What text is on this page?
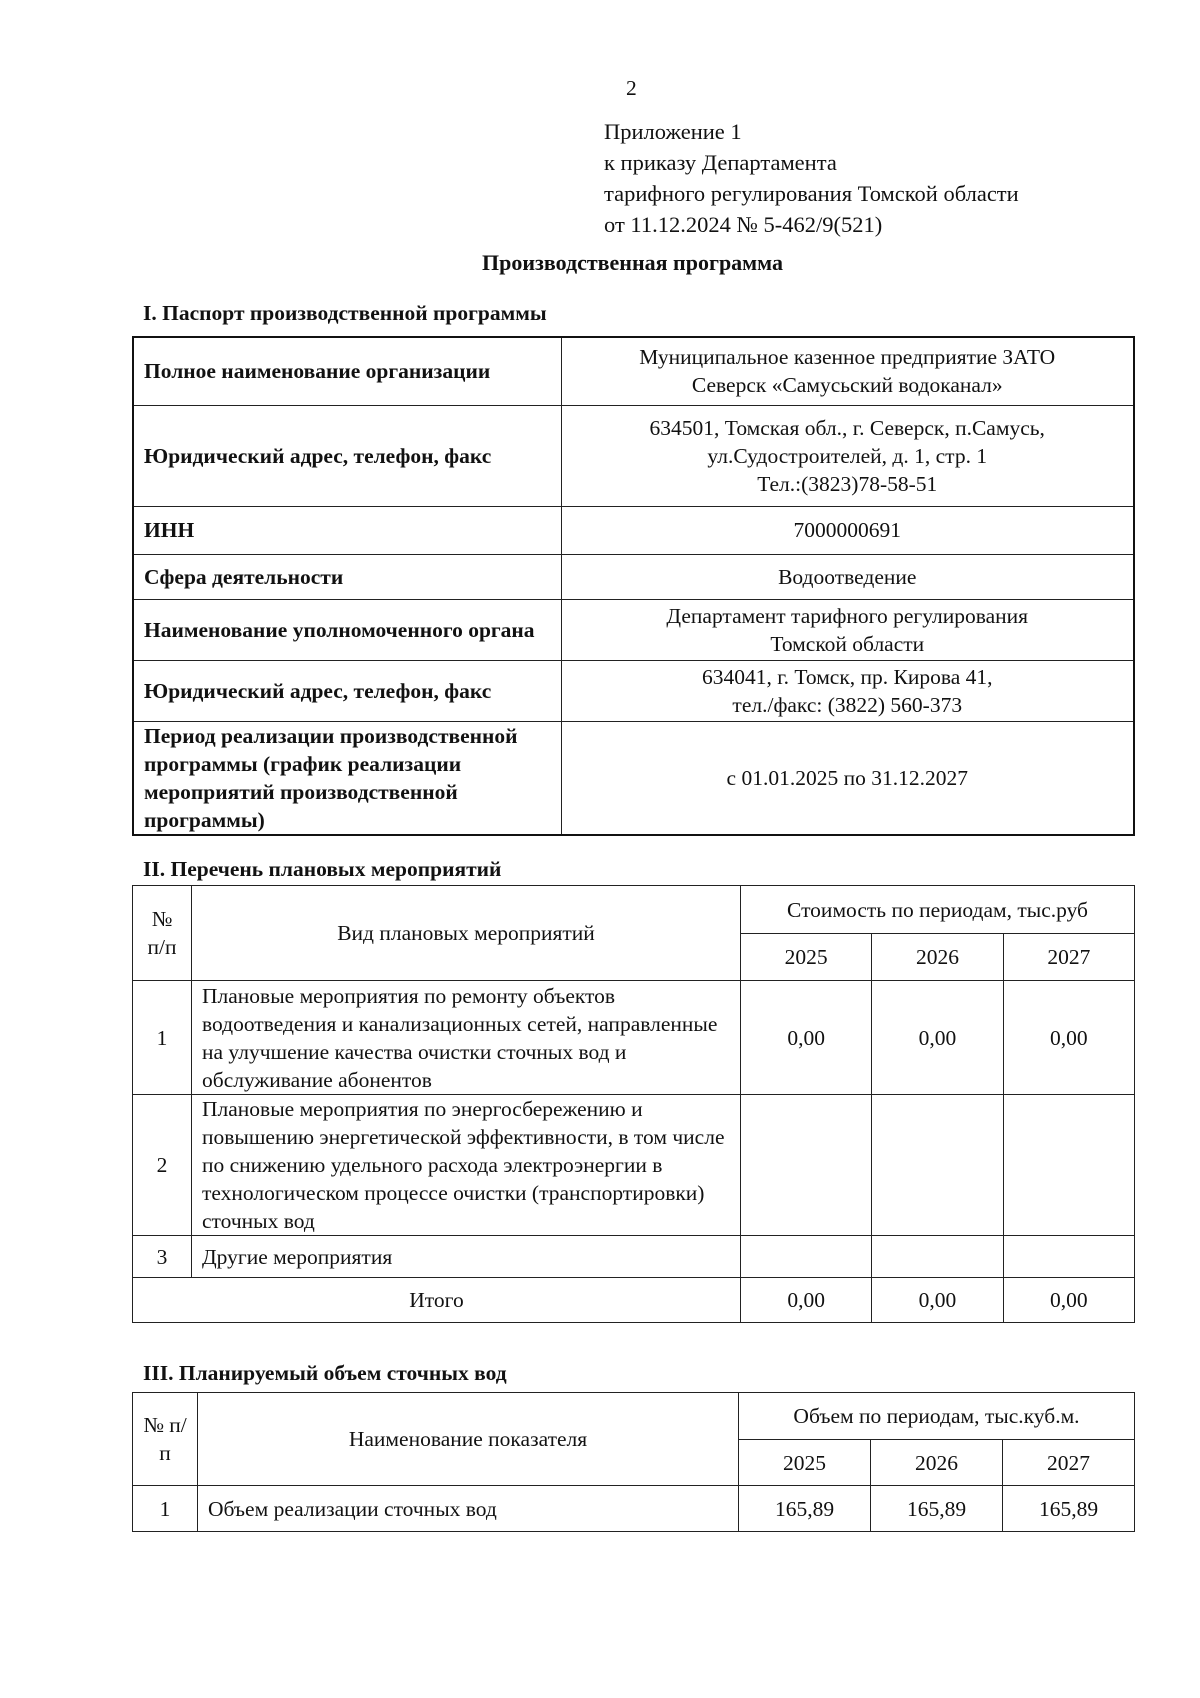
2
Приложение 1
к приказу Департамента
тарифного регулирования Томской области
от 11.12.2024 № 5-462/9(521)
Производственная программа
I. Паспорт производственной программы
Полное наименование организации	Муниципальное казенное предприятие ЗАТО
Северск «Самусьский водоканал»

Юридический адрес, телефон, факс	634501, Томская обл., г. Северск, п.Самусь,
ул.Судостроителей, д. 1, стр. 1
Тел.:(3823)78-58-51

ИНН	7000000691
Сфера деятельности	Водоотведение
Наименование уполномоченного органа	Департамент тарифного регулирования
Томской области

Юридический адрес, телефон, факс	634041, г. Томск, пр. Кирова 41,
тел./факс: (3822) 560-373

Период реализации производственной программы (график реализации мероприятий производственной программы)	с 01.01.2025 по 31.12.2027
II. Перечень плановых мероприятий
№ п/п	Вид плановых мероприятий	Стоимость по периодам, тыс.руб		
		2025	2026	2027
1	Плановые мероприятия по ремонту объектов водоотведения и канализационных сетей, направленные на улучшение качества очистки сточных вод и обслуживание абонентов	0,00	0,00	0,00
2	Плановые мероприятия по энергосбережению и повышению энергетической эффективности, в том числе по снижению удельного расхода электроэнергии в технологическом процессе очистки (транспортировки) сточных вод			
3	Другие мероприятия			
Итого		0,00	0,00	0,00
III. Планируемый объем сточных вод
№ п/п	Наименование показателя	Объем по периодам, тыс.куб.м.		
		2025	2026	2027
1	Объем реализации сточных вод	165,89	165,89	165,89
